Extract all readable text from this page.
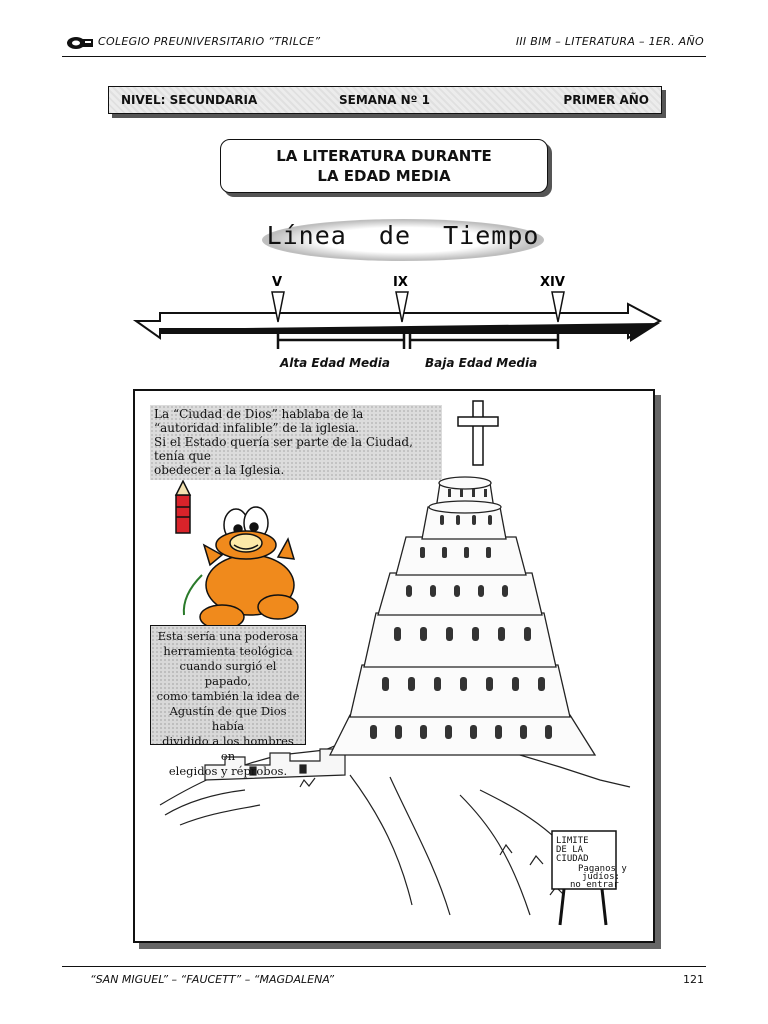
COLEGIO PREUNIVERSITARIO “TRILCE”	III BIM – LITERATURA – 1ER. AÑO
NIVEL: SECUNDARIA	SEMANA Nº 1	PRIMER AÑO
LA LITERATURA DURANTE
LA EDAD MEDIA
Línea  de  Tiempo
V	IX	XIV
Alta Edad Media	Baja Edad Media
LIMITE
DE LA
CIUDAD
Paganos y
judíos:
no entrar
La “Ciudad de Dios” hablaba de la
“autoridad infalible” de la iglesia.
Si el Estado quería ser parte de la Ciudad, tenía que
obedecer a la Iglesia.
Esta sería una poderosa
herramienta teológica
cuando surgió el papado,
como también la idea de
Agustín de que Dios había
dividido a los hombres en
elegidos y réprobos.
“SAN MIGUEL” – “FAUCETT” – “MAGDALENA”	121
